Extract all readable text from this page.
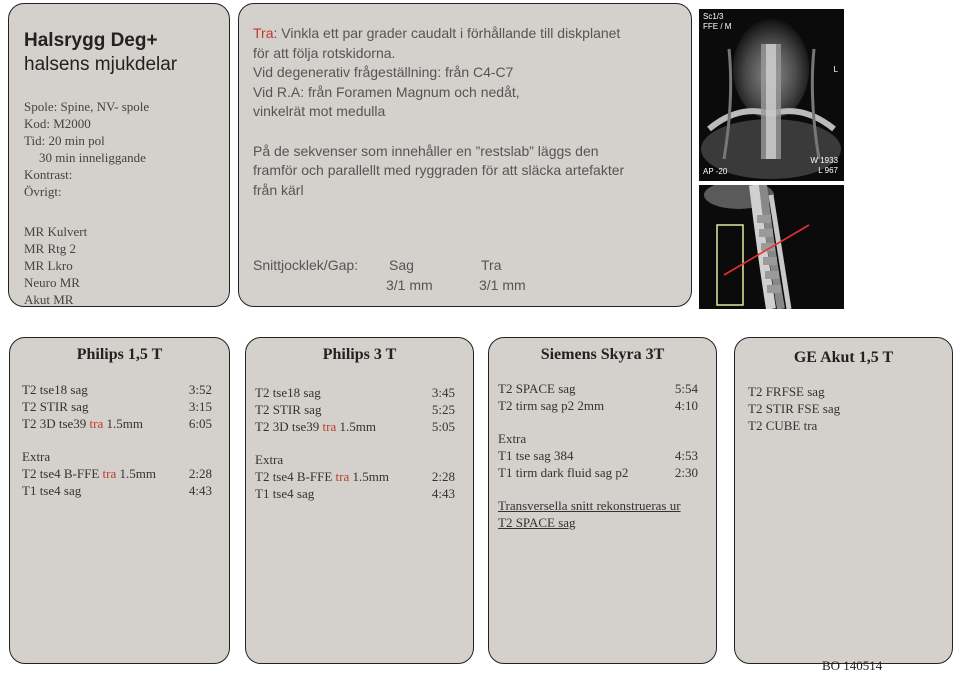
Halsrygg Deg+
halsens mjukdelar
Spole: Spine, NV- spole
Kod: M2000
Tid: 20 min pol
30 min inneliggande
Kontrast:
Övrigt:
MR Kulvert
MR Rtg 2
MR Lkro
Neuro MR
Akut MR
Tra: Vinkla ett par grader caudalt i förhållande till diskplanet
för att följa rotskidorna.
Vid degenerativ frågeställning: från C4-C7
Vid R.A: från Foramen Magnum och nedåt,
vinkelrät mot medulla
På de sekvenser som innehåller en ”restslab” läggs den
framför och parallellt med ryggraden för att släcka artefakter
från kärl
Snittjocklek/Gap: Sag	Tra
3/1 mm	3/1 mm
Sc1/3
FFE / M
L
AP -20
W 1933
L 967
Philips 1,5 T
T2 tse18 sag	3:52
T2 STIR sag	3:15
T2 3D tse39 tra 1.5mm	6:05
Extra
T2 tse4 B-FFE tra 1.5mm	2:28
T1 tse4 sag	4:43
Philips 3 T
T2 tse18 sag	3:45
T2 STIR sag	5:25
T2 3D tse39 tra 1.5mm	5:05
Extra
T2 tse4 B-FFE tra 1.5mm	2:28
T1 tse4 sag	4:43
Siemens Skyra 3T
T2 SPACE sag	5:54
T2 tirm sag p2 2mm	4:10
Extra
T1 tse sag 384	4:53
T1 tirm dark fluid sag p2	2:30
Transversella snitt rekonstrueras ur
T2 SPACE sag
GE Akut 1,5 T
T2 FRFSE sag
T2 STIR FSE sag
T2 CUBE tra
BO 140514
